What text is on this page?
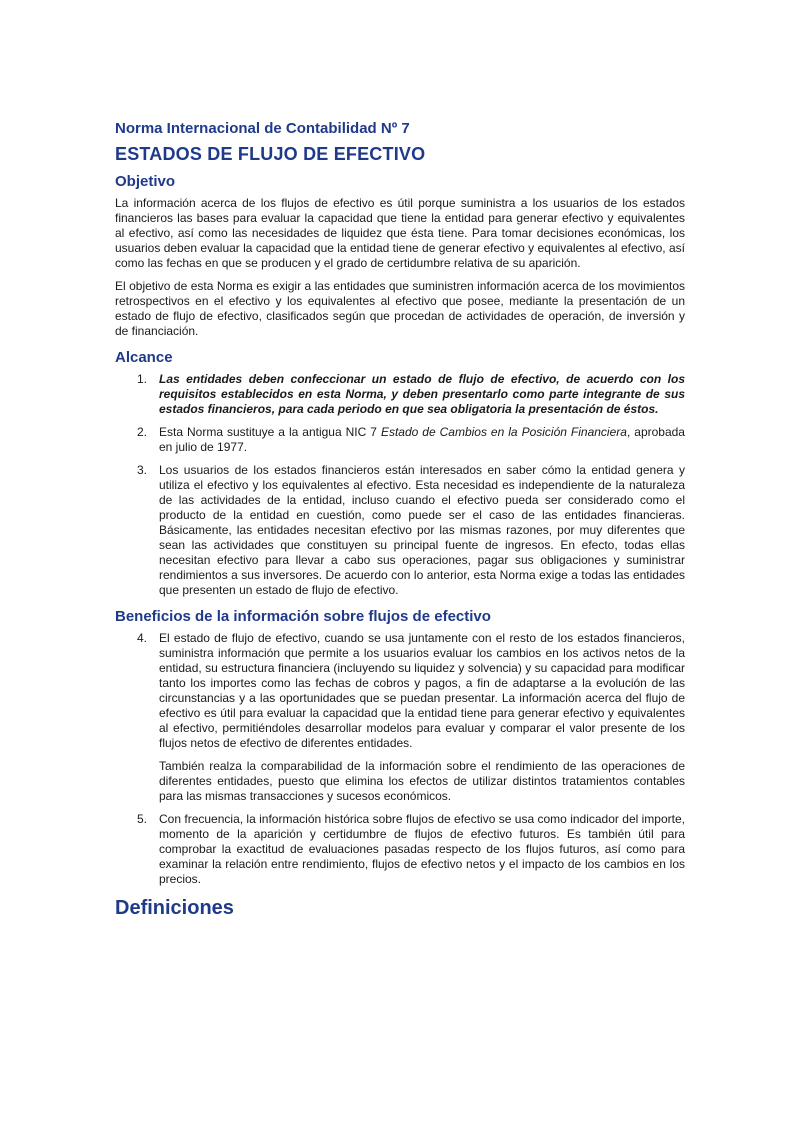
Norma Internacional de Contabilidad Nº 7
ESTADOS DE FLUJO DE EFECTIVO
Objetivo

La información acerca de los flujos de efectivo es útil porque suministra a los usuarios de los estados financieros las bases para evaluar la capacidad que tiene la entidad para generar efectivo y equivalentes al efectivo, así como las necesidades de liquidez que ésta tiene. Para tomar decisiones económicas, los usuarios deben evaluar la capacidad que la entidad tiene de generar efectivo y equivalentes al efectivo, así como las fechas en que se producen y el grado de certidumbre relativa de su aparición.

El objetivo de esta Norma es exigir a las entidades que suministren información acerca de los movimientos retrospectivos en el efectivo y los equivalentes al efectivo que posee, mediante la presentación de un estado de flujo de efectivo, clasificados según que procedan de actividades de operación, de inversión y de financiación.

Alcance
1. Las entidades deben confeccionar un estado de flujo de efectivo, de acuerdo con los requisitos establecidos en esta Norma, y deben presentarlo como parte integrante de sus estados financieros, para cada periodo en que sea obligatoria la presentación de éstos.
2. Esta Norma sustituye a la antigua NIC 7 Estado de Cambios en la Posición Financiera, aprobada en julio de 1977.
3. Los usuarios de los estados financieros están interesados en saber cómo la entidad genera y utiliza el efectivo y los equivalentes al efectivo. Esta necesidad es independiente de la naturaleza de las actividades de la entidad, incluso cuando el efectivo pueda ser considerado como el producto de la entidad en cuestión, como puede ser el caso de las entidades financieras. Básicamente, las entidades necesitan efectivo por las mismas razones, por muy diferentes que sean las actividades que constituyen su principal fuente de ingresos. En efecto, todas ellas necesitan efectivo para llevar a cabo sus operaciones, pagar sus obligaciones y suministrar rendimientos a sus inversores. De acuerdo con lo anterior, esta Norma exige a todas las entidades que presenten un estado de flujo de efectivo.
Beneficios de la información sobre flujos de efectivo
4. El estado de flujo de efectivo, cuando se usa juntamente con el resto de los estados financieros, suministra información que permite a los usuarios evaluar los cambios en los activos netos de la entidad, su estructura financiera (incluyendo su liquidez y solvencia) y su capacidad para modificar tanto los importes como las fechas de cobros y pagos, a fin de adaptarse a la evolución de las circunstancias y a las oportunidades que se puedan presentar. La información acerca del flujo de efectivo es útil para evaluar la capacidad que la entidad tiene para generar efectivo y equivalentes al efectivo, permitiéndoles desarrollar modelos para evaluar y comparar el valor presente de los flujos netos de efectivo de diferentes entidades.

También realza la comparabilidad de la información sobre el rendimiento de las operaciones de diferentes entidades, puesto que elimina los efectos de utilizar distintos tratamientos contables para las mismas transacciones y sucesos económicos.

5. Con frecuencia, la información histórica sobre flujos de efectivo se usa como indicador del importe, momento de la aparición y certidumbre de flujos de efectivo futuros. Es también útil para comprobar la exactitud de evaluaciones pasadas respecto de los flujos futuros, así como para examinar la relación entre rendimiento, flujos de efectivo netos y el impacto de los cambios en los precios.
Definiciones
